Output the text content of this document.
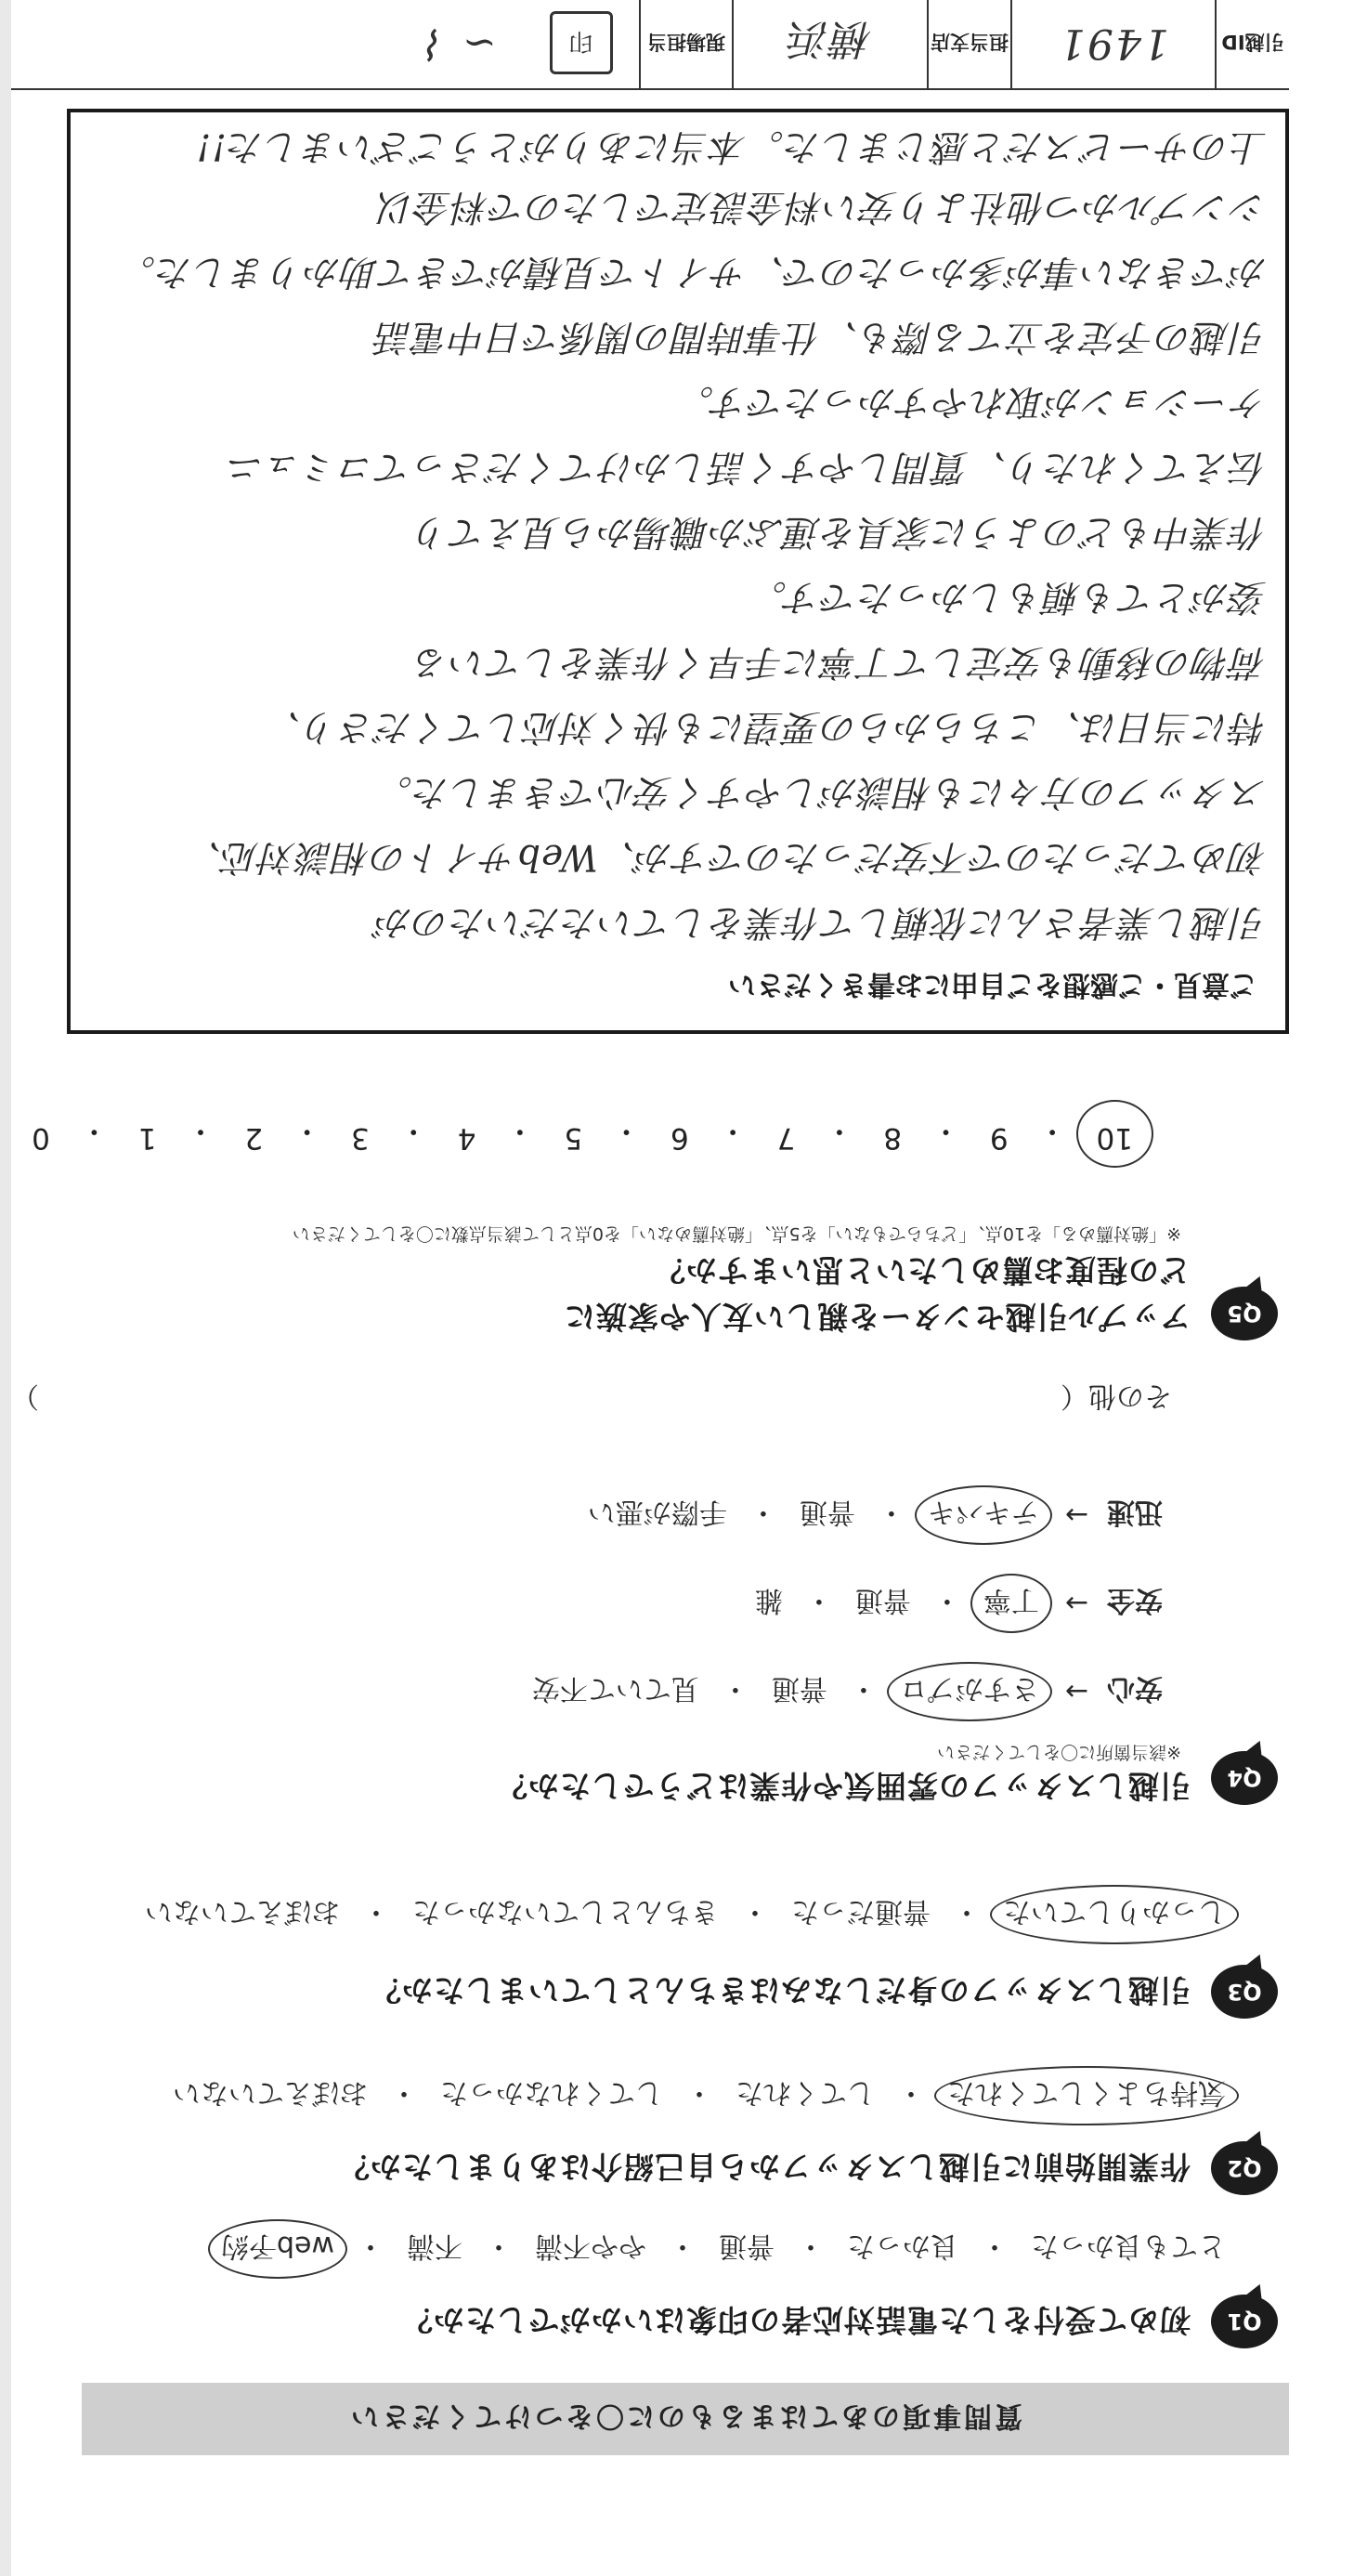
質問事項のあてはまるものに〇をつけてください
Q1
初めて受付をした電話対応者の印象はいかがでしたか？
とても良かった
・
良かった
・
普通
・
やや不満
・
不満
・
web予約
Q2
作業開始前に引越しスタッフから自己紹介はありましたか？
気持ちよくしてくれた
・
してくれた
・
してくれなかった
・
おぼえていない
Q3
引越しスタッフの身だしなみはきちんとしていましたか？
しっかりしていた
・
普通だった
・
きちんとしていなかった
・
おぼえていない
Q4
引越しスタッフの雰囲気や作業はどうでしたか？
※該当箇所に〇をしてください
安心
→
さすがプロ
・
普通
・
見ていて不安
安全
→
丁寧
・
普通
・
雑
迅速
→
テキパキ
・
普通
・
手際が悪い
その他（
）
Q5
アップル引越センターを親しい友人や家族に
どの程度お薦めしたいと思いますか？
※「絶対薦める」を10点、「どちらでもない」を5点、「絶対薦めない」を0点として該当点数に〇をしてください
10
・
9
・
8
・
7
・
6
・
5
・
4
・
3
・
2
・
1
・
0
ご意見・ご感想をご自由にお書きください
引越し業者さんに依頼して作業をしていただいたのが
初めてだったので不安だったのですが、Webサイトの相談対応、
スタッフの方々にも相談がしやすく安心できました。
特に当日は、こちらからの要望にも快く対応してくださり、
荷物の移動も安定して丁寧に手早く作業をしている
姿がとても頼もしかったです。
作業中もどのように家具を運ぶか職場から見えてり
伝えてくれたり、質問しやすく話しかけてくださってコミュニ
ケーションが取れやすかったです。
引越の予定を立てる際も、仕事時間の関係で日中電話
ができない事が多かったので、サイトで見積ができて助かりました。
シンプルかつ他社より安い料金設定でしたので料金以
上のサービスだと感じました。本当にありがとうございました!!
引越ID
1491
担当支店
横浜
現場担当
印
∽ ⌇
